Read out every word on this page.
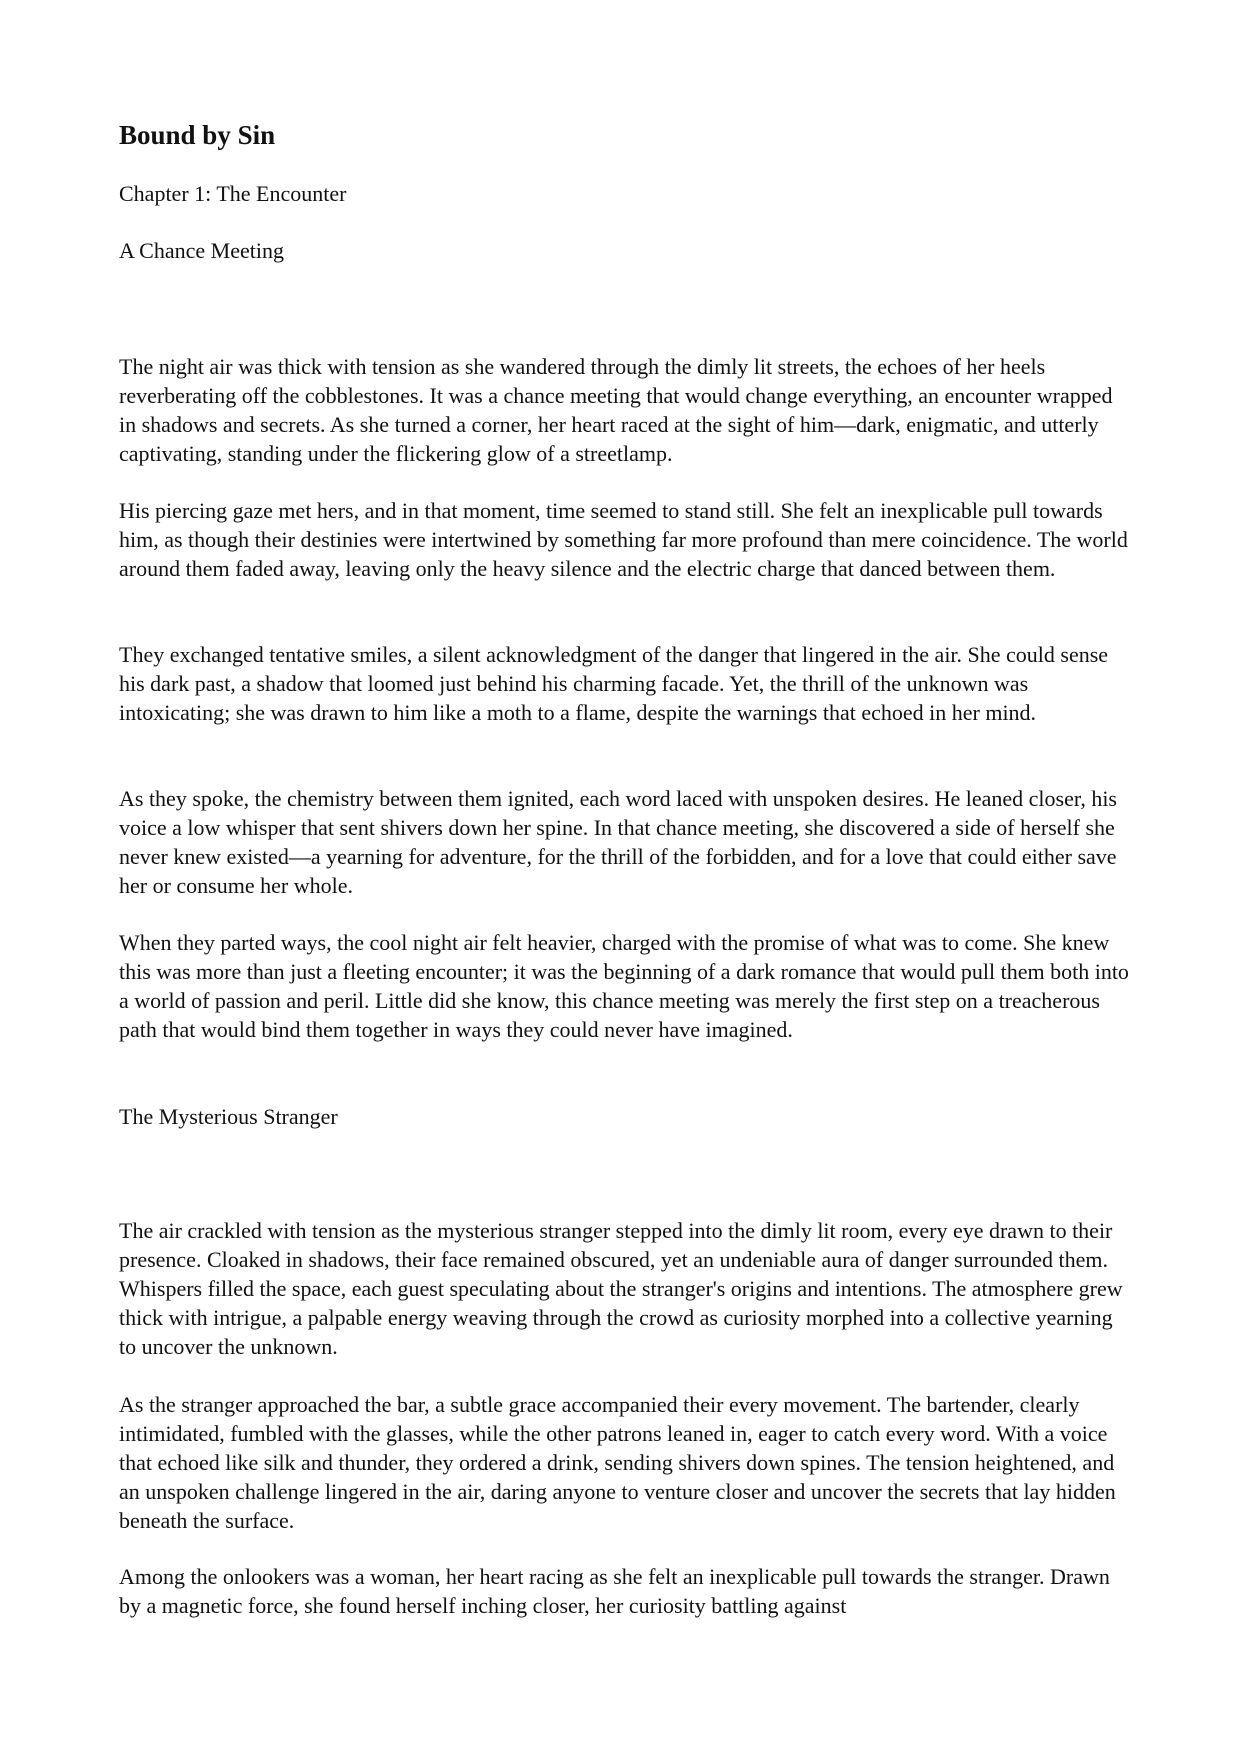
Bound by Sin

Chapter 1: The Encounter

A Chance Meeting

The night air was thick with tension as she wandered through the dimly lit streets, the echoes of her heels reverberating off the cobblestones. It was a chance meeting that would change everything, an encounter wrapped in shadows and secrets. As she turned a corner, her heart raced at the sight of him—dark, enigmatic, and utterly captivating, standing under the flickering glow of a streetlamp.

His piercing gaze met hers, and in that moment, time seemed to stand still. She felt an inexplicable pull towards him, as though their destinies were intertwined by something far more profound than mere coincidence. The world around them faded away, leaving only the heavy silence and the electric charge that danced between them.

They exchanged tentative smiles, a silent acknowledgment of the danger that lingered in the air. She could sense his dark past, a shadow that loomed just behind his charming facade. Yet, the thrill of the unknown was intoxicating; she was drawn to him like a moth to a flame, despite the warnings that echoed in her mind.

As they spoke, the chemistry between them ignited, each word laced with unspoken desires. He leaned closer, his voice a low whisper that sent shivers down her spine. In that chance meeting, she discovered a side of herself she never knew existed—a yearning for adventure, for the thrill of the forbidden, and for a love that could either save her or consume her whole.

When they parted ways, the cool night air felt heavier, charged with the promise of what was to come. She knew this was more than just a fleeting encounter; it was the beginning of a dark romance that would pull them both into a world of passion and peril. Little did she know, this chance meeting was merely the first step on a treacherous path that would bind them together in ways they could never have imagined.

The Mysterious Stranger

The air crackled with tension as the mysterious stranger stepped into the dimly lit room, every eye drawn to their presence. Cloaked in shadows, their face remained obscured, yet an undeniable aura of danger surrounded them. Whispers filled the space, each guest speculating about the stranger's origins and intentions. The atmosphere grew thick with intrigue, a palpable energy weaving through the crowd as curiosity morphed into a collective yearning to uncover the unknown.

As the stranger approached the bar, a subtle grace accompanied their every movement. The bartender, clearly intimidated, fumbled with the glasses, while the other patrons leaned in, eager to catch every word. With a voice that echoed like silk and thunder, they ordered a drink, sending shivers down spines. The tension heightened, and an unspoken challenge lingered in the air, daring anyone to venture closer and uncover the secrets that lay hidden beneath the surface.

Among the onlookers was a woman, her heart racing as she felt an inexplicable pull towards the stranger. Drawn by a magnetic force, she found herself inching closer, her curiosity battling against
